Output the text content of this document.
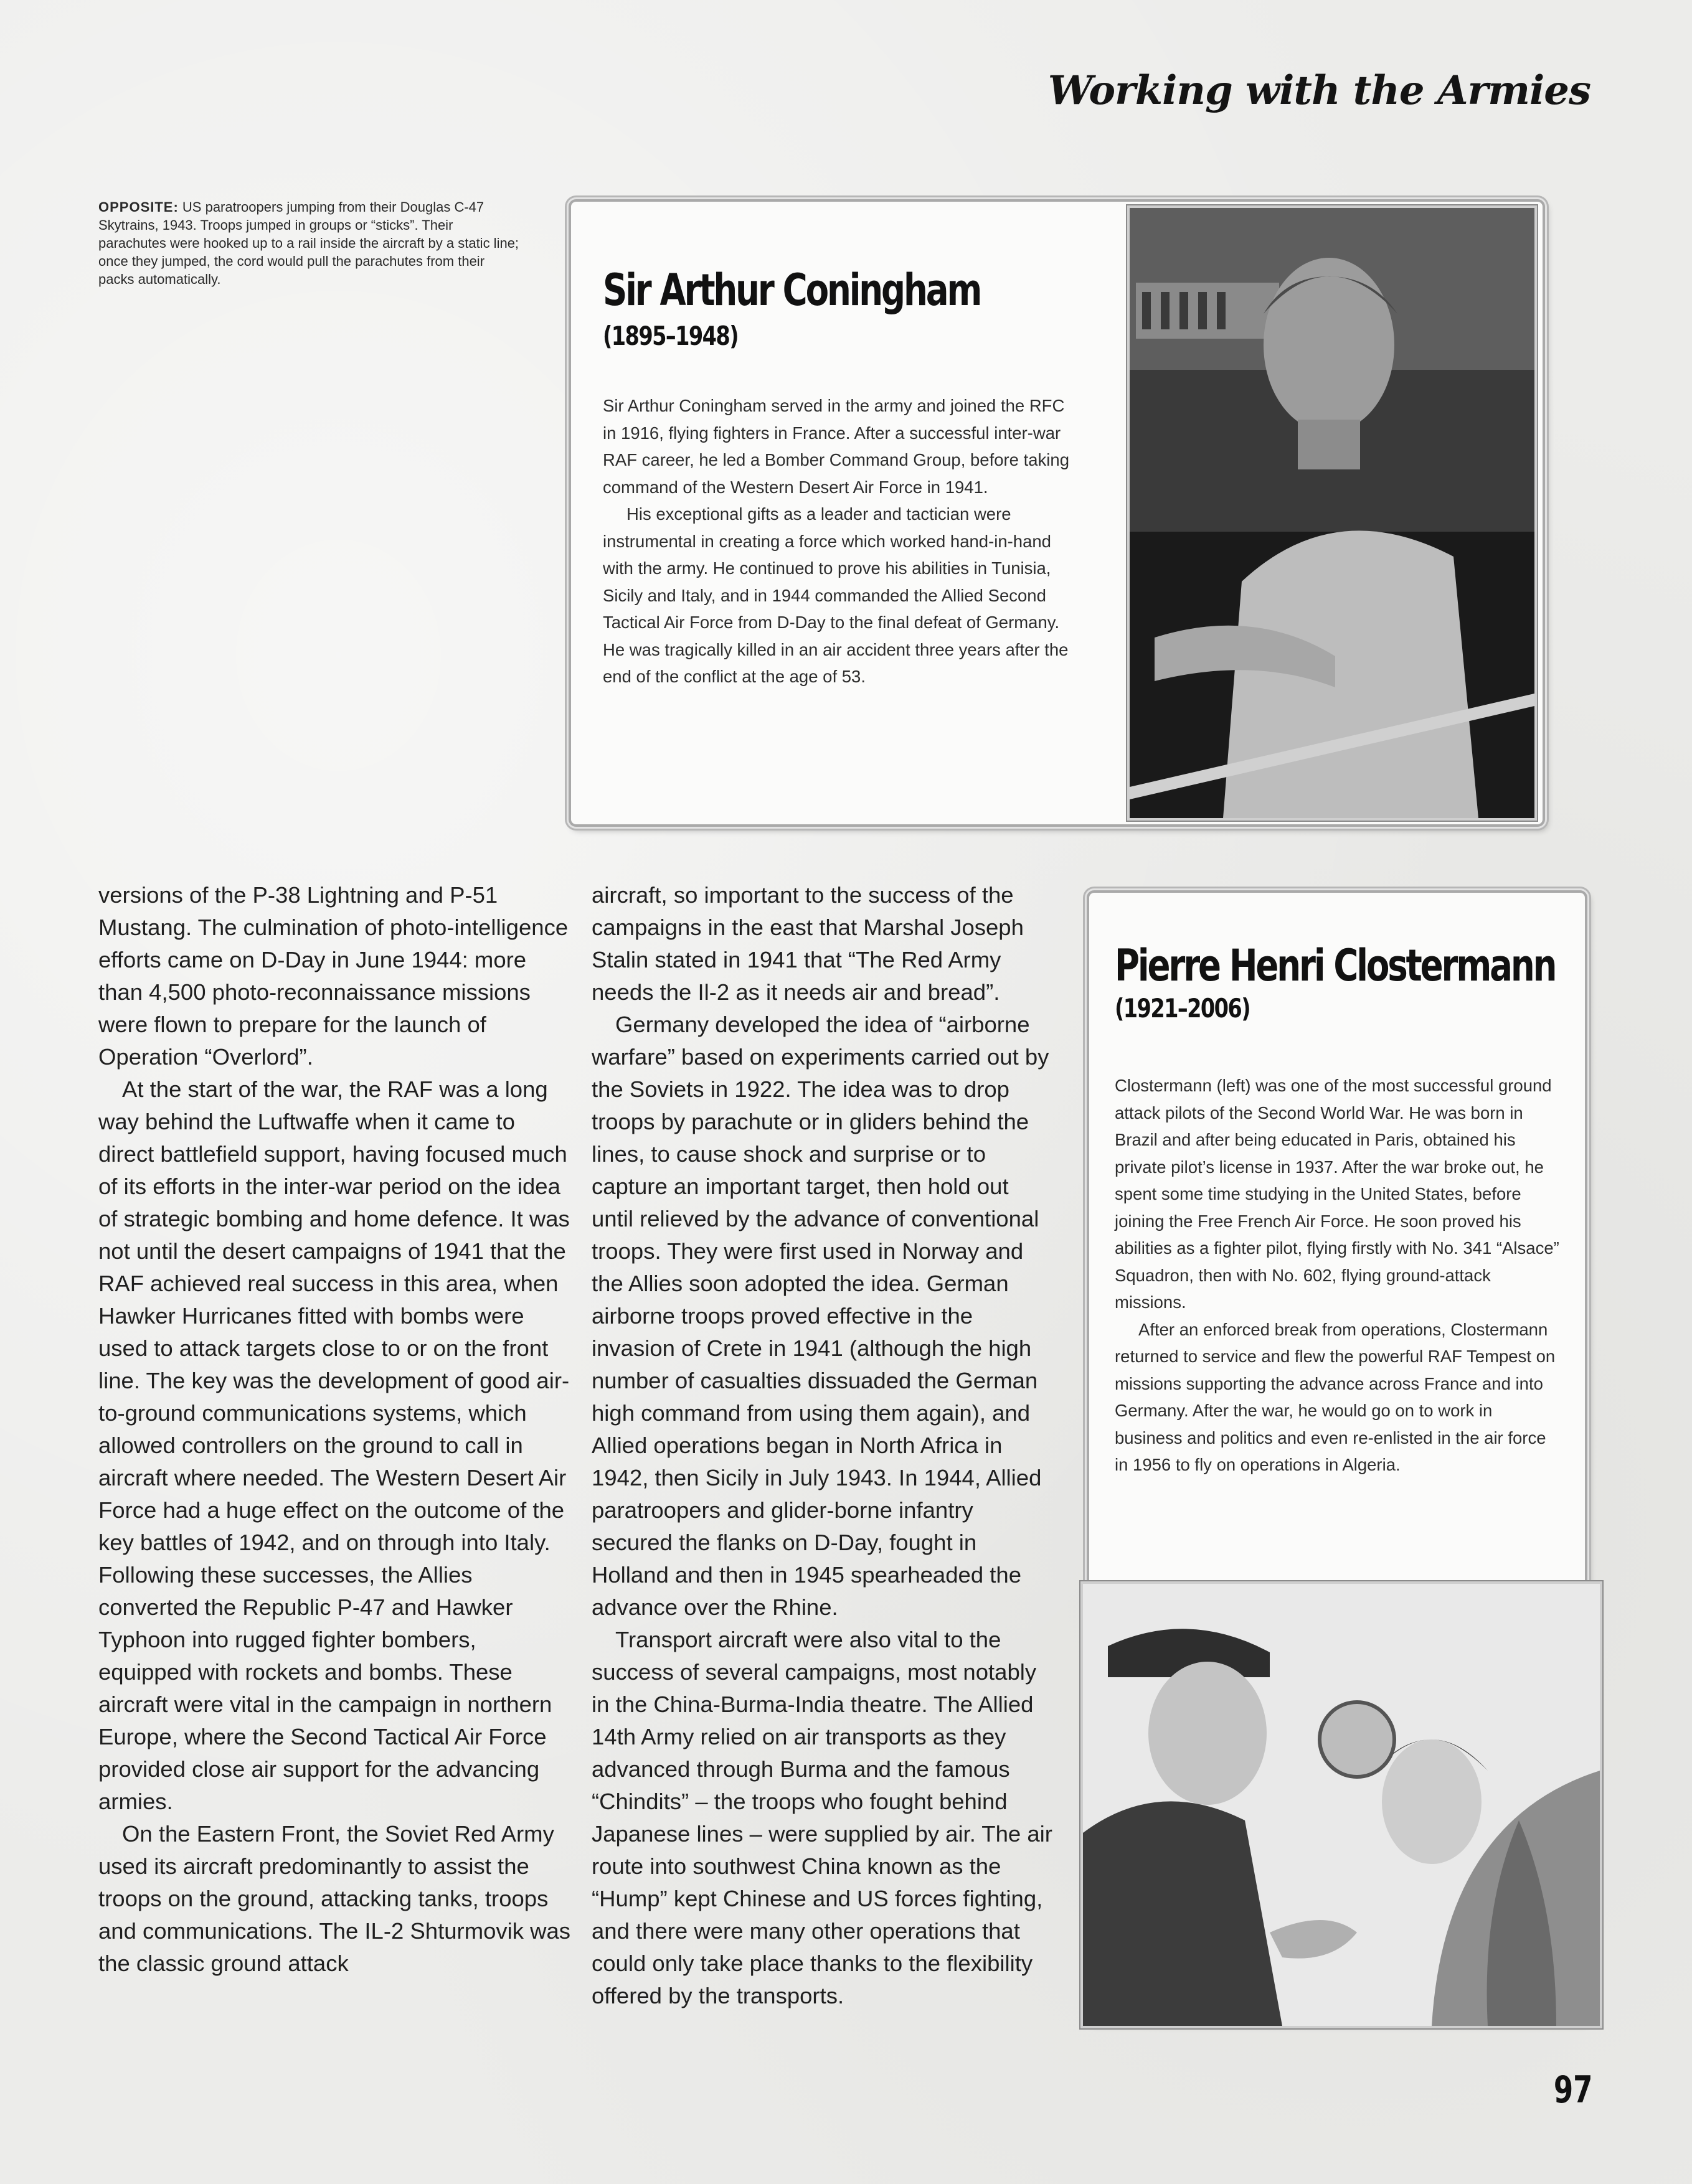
Working with the Armies
OPPOSITE: US paratroopers jumping from their Douglas C-47 Skytrains, 1943. Troops jumped in groups or “sticks”. Their parachutes were hooked up to a rail inside the aircraft by a static line; once they jumped, the cord would pull the parachutes from their packs automatically.	Sir Arthur Coningham
(1895–1948)

Sir Arthur Coningham served in the army and joined the RFC in 1916, flying fighters in France. After a successful inter-war RAF career, he led a Bomber Command Group, before taking command of the Western Desert Air Force in 1941.

His exceptional gifts as a leader and tactician were instrumental in creating a force which worked hand-in-hand with the army. He continued to prove his abilities in Tunisia, Sicily and Italy, and in 1944 commanded the Allied Second Tactical Air Force from D-Day to the final defeat of Germany. He was tragically killed in an air accident three years after the end of the conflict at the age of 53.

Pierre Henri Clostermann
(1921–2006)

Clostermann (left) was one of the most successful ground attack pilots of the Second World War. He was born in Brazil and after being educated in Paris, obtained his private pilot’s license in 1937. After the war broke out, he spent some time studying in the United States, before joining the Free French Air Force. He soon proved his abilities as a fighter pilot, flying firstly with No. 341 “Alsace” Squadron, then with No. 602, flying ground-attack missions.

After an enforced break from operations, Clostermann returned to service and flew the powerful RAF Tempest on missions supporting the advance across France and into Germany. After the war, he would go on to work in business and politics and even re-enlisted in the air force in 1956 to fly on operations in Algeria.

versions of the P-38 Lightning and P-51 Mustang. The culmination of photo-intelligence efforts came on D-Day in June 1944: more than 4,500 photo-reconnaissance missions were flown to prepare for the launch of Operation “Overlord”.

At the start of the war, the RAF was a long way behind the Luftwaffe when it came to direct battlefield support, having focused much of its efforts in the inter-war period on the idea of strategic bombing and home defence. It was not until the desert campaigns of 1941 that the RAF achieved real success in this area, when Hawker Hurricanes fitted with bombs were used to attack targets close to or on the front line. The key was the development of good air-to-ground communications systems, which allowed controllers on the ground to call in aircraft where needed. The Western Desert Air Force had a huge effect on the outcome of the key battles of 1942, and on through into Italy. Following these successes, the Allies converted the Republic P-47 and Hawker Typhoon into rugged fighter bombers, equipped with rockets and bombs. These aircraft were vital in the campaign in northern Europe, where the Second Tactical Air Force provided close air support for the advancing armies.

On the Eastern Front, the Soviet Red Army used its aircraft predominantly to assist the troops on the ground, attacking tanks, troops and communications. The IL-2 Shturmovik was the classic ground attack

aircraft, so important to the success of the campaigns in the east that Marshal Joseph Stalin stated in 1941 that “The Red Army needs the Il-2 as it needs air and bread”.

Germany developed the idea of “airborne warfare” based on experiments carried out by the Soviets in 1922. The idea was to drop troops by parachute or in gliders behind the lines, to cause shock and surprise or to capture an important target, then hold out until relieved by the advance of conventional troops. They were first used in Norway and the Allies soon adopted the idea. German airborne troops proved effective in the invasion of Crete in 1941 (although the high number of casualties dissuaded the German high command from using them again), and Allied operations began in North Africa in 1942, then Sicily in July 1943. In 1944, Allied paratroopers and glider-borne infantry secured the flanks on D-Day, fought in Holland and then in 1945 spearheaded the advance over the Rhine.

Transport aircraft were also vital to the success of several campaigns, most notably in the China-Burma-India theatre. The Allied 14th Army relied on air transports as they advanced through Burma and the famous “Chindits” – the troops who fought behind Japanese lines – were supplied by air. The air route into southwest China known as the “Hump” kept Chinese and US forces fighting, and there were many other operations that could only take place thanks to the flexibility offered by the transports.

97
